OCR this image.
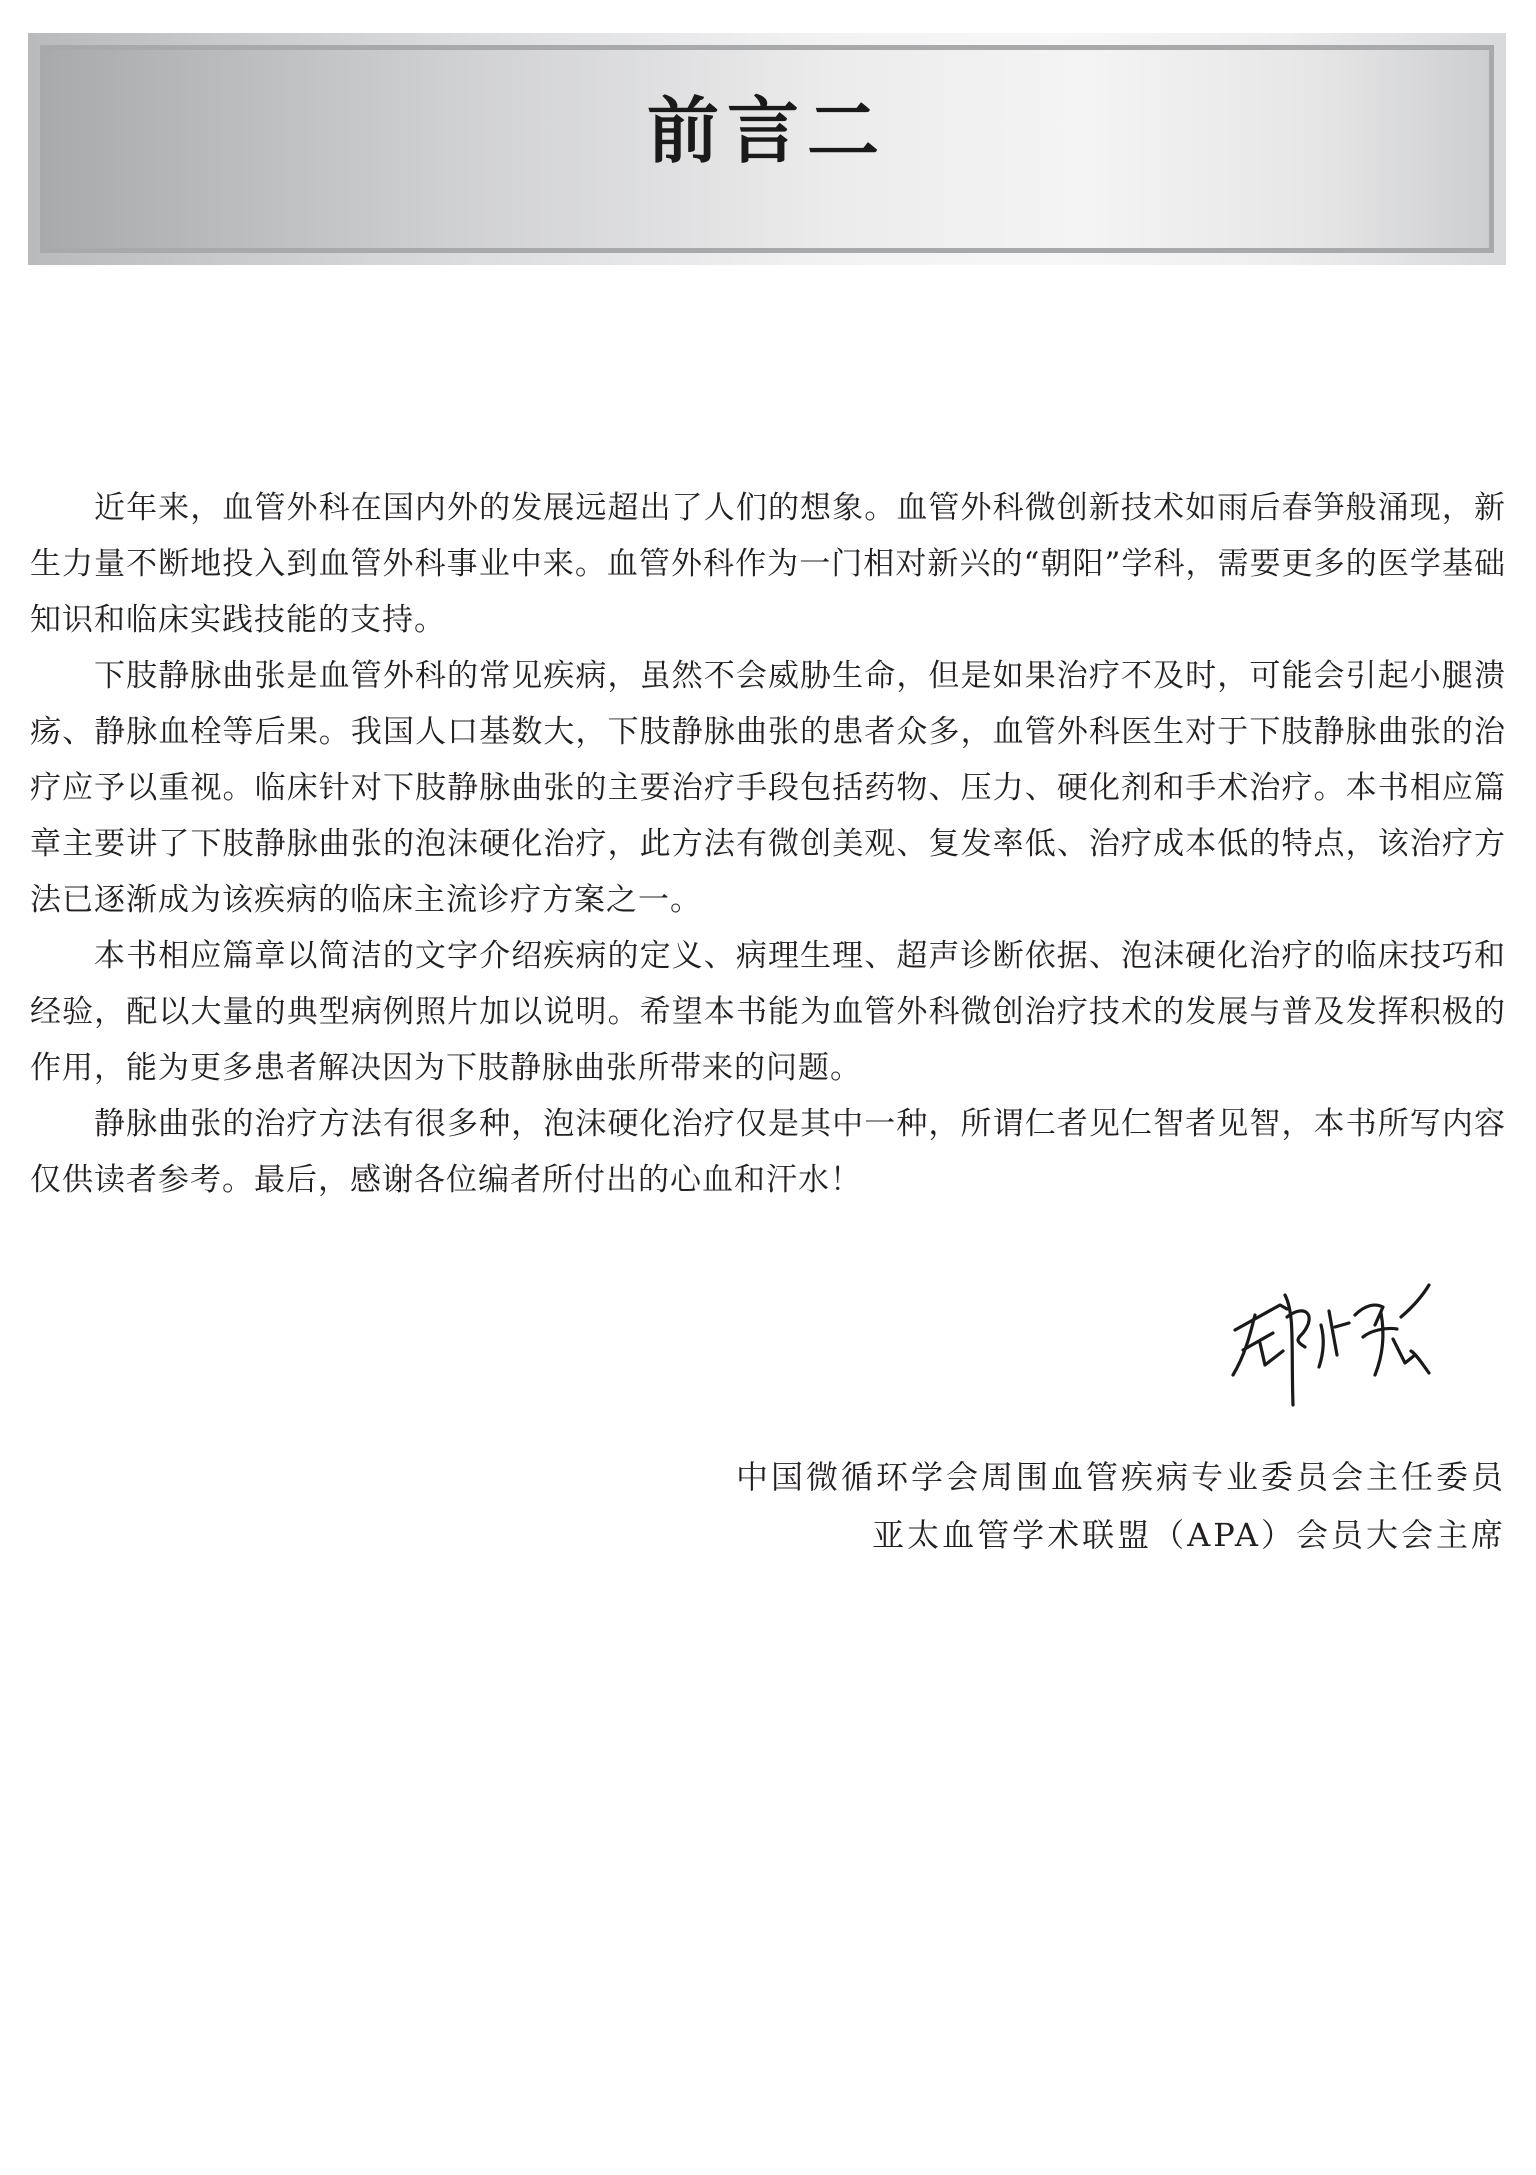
前言二

近年来，血管外科在国内外的发展远超出了人们的想象。血管外科微创新技术如雨后春笋般涌现，新生力量不断地投入到血管外科事业中来。血管外科作为一门相对新兴的“朝阳”学科，需要更多的医学基础知识和临床实践技能的支持。

下肢静脉曲张是血管外科的常见疾病，虽然不会威胁生命，但是如果治疗不及时，可能会引起小腿溃疡、静脉血栓等后果。我国人口基数大，下肢静脉曲张的患者众多，血管外科医生对于下肢静脉曲张的治疗应予以重视。临床针对下肢静脉曲张的主要治疗手段包括药物、压力、硬化剂和手术治疗。本书相应篇章主要讲了下肢静脉曲张的泡沫硬化治疗，此方法有微创美观、复发率低、治疗成本低的特点，该治疗方法已逐渐成为该疾病的临床主流诊疗方案之一。

本书相应篇章以简洁的文字介绍疾病的定义、病理生理、超声诊断依据、泡沫硬化治疗的临床技巧和经验，配以大量的典型病例照片加以说明。希望本书能为血管外科微创治疗技术的发展与普及发挥积极的作用，能为更多患者解决因为下肢静脉曲张所带来的问题。

静脉曲张的治疗方法有很多种，泡沫硬化治疗仅是其中一种，所谓仁者见仁智者见智，本书所写内容仅供读者参考。最后，感谢各位编者所付出的心血和汗水！

中国微循环学会周围血管疾病专业委员会主任委员
亚太血管学术联盟（APA）会员大会主席
